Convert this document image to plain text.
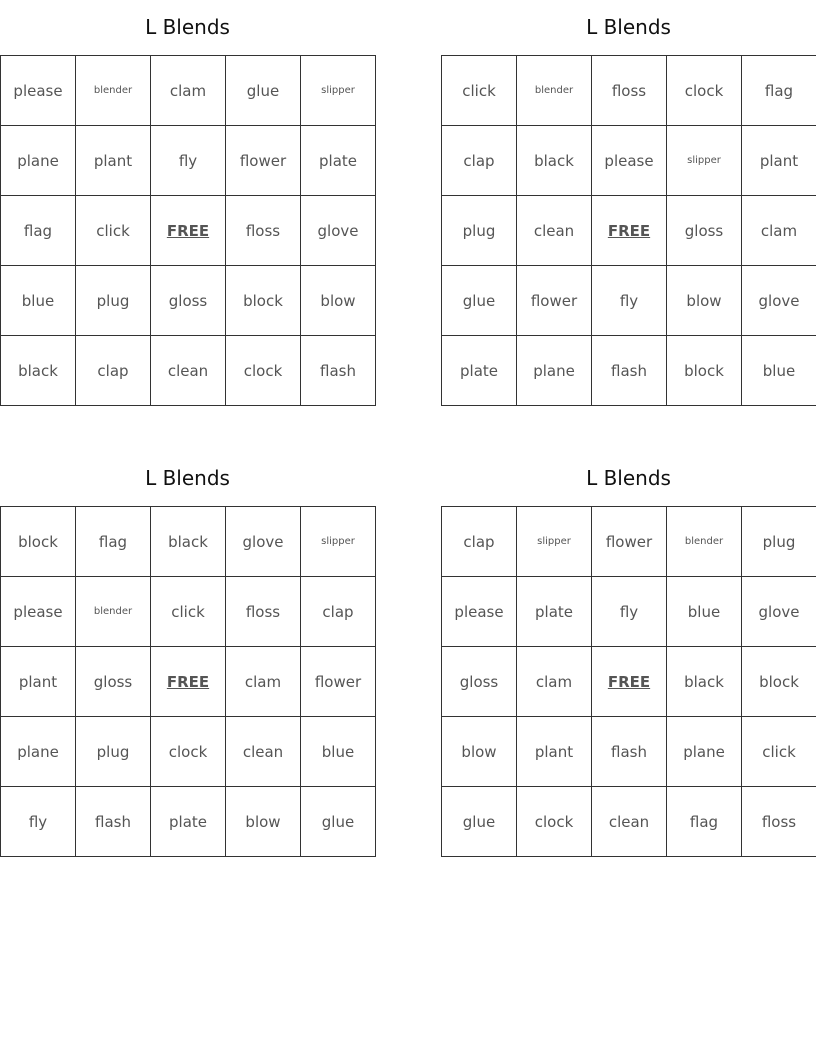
L Blends
please	blender	clam	glue	slipper
plane	plant	fly	flower	plate
flag	click	FREE	floss	glove
blue	plug	gloss	block	blow
black	clap	clean	clock	flash
L Blends
click	blender	floss	clock	flag
clap	black	please	slipper	plant
plug	clean	FREE	gloss	clam
glue	flower	fly	blow	glove
plate	plane	flash	block	blue
L Blends
block	flag	black	glove	slipper
please	blender	click	floss	clap
plant	gloss	FREE	clam	flower
plane	plug	clock	clean	blue
fly	flash	plate	blow	glue
L Blends
clap	slipper	flower	blender	plug
please	plate	fly	blue	glove
gloss	clam	FREE	black	block
blow	plant	flash	plane	click
glue	clock	clean	flag	floss
